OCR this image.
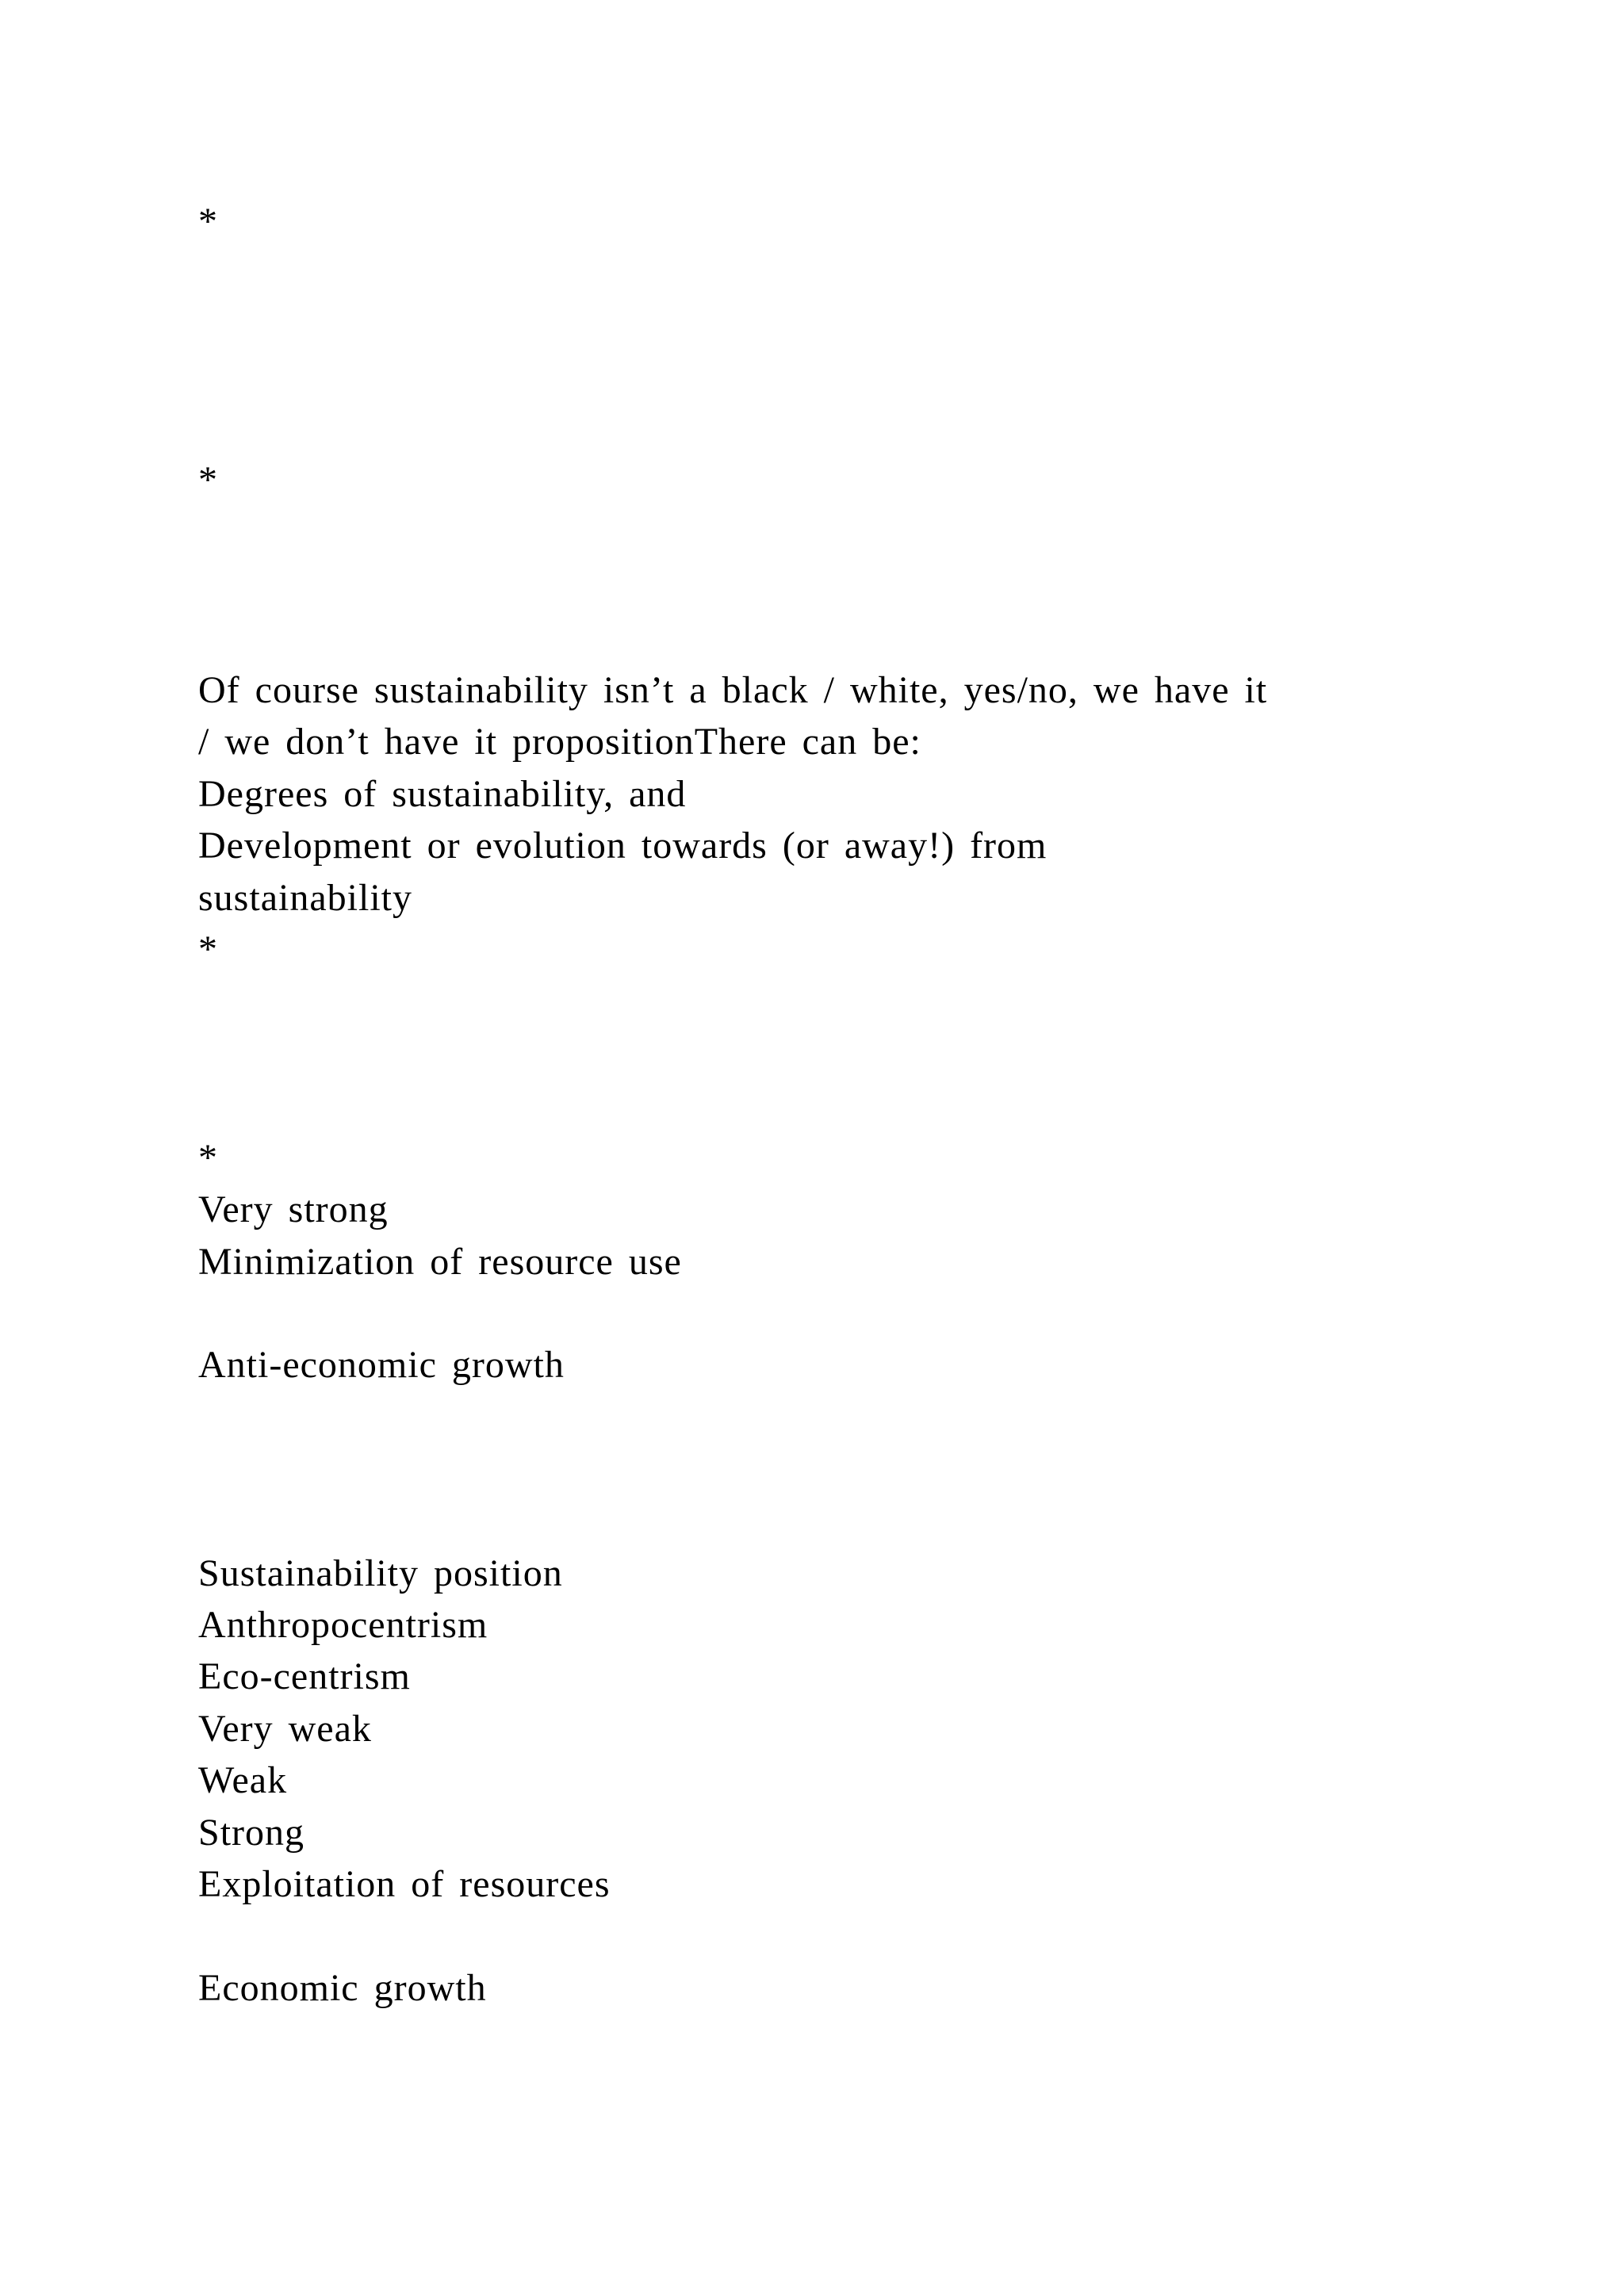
*

*

Of course sustainability isn’t a black / white, yes/no, we have it

/ we don’t have it propositionThere can be:

Degrees of sustainability, and

Development or evolution towards (or away!) from

sustainability

*

*

Very strong

Minimization of resource use

Anti-economic growth

Sustainability position

Anthropocentrism

Eco-centrism

Very weak

Weak

Strong

Exploitation of resources

Economic growth
